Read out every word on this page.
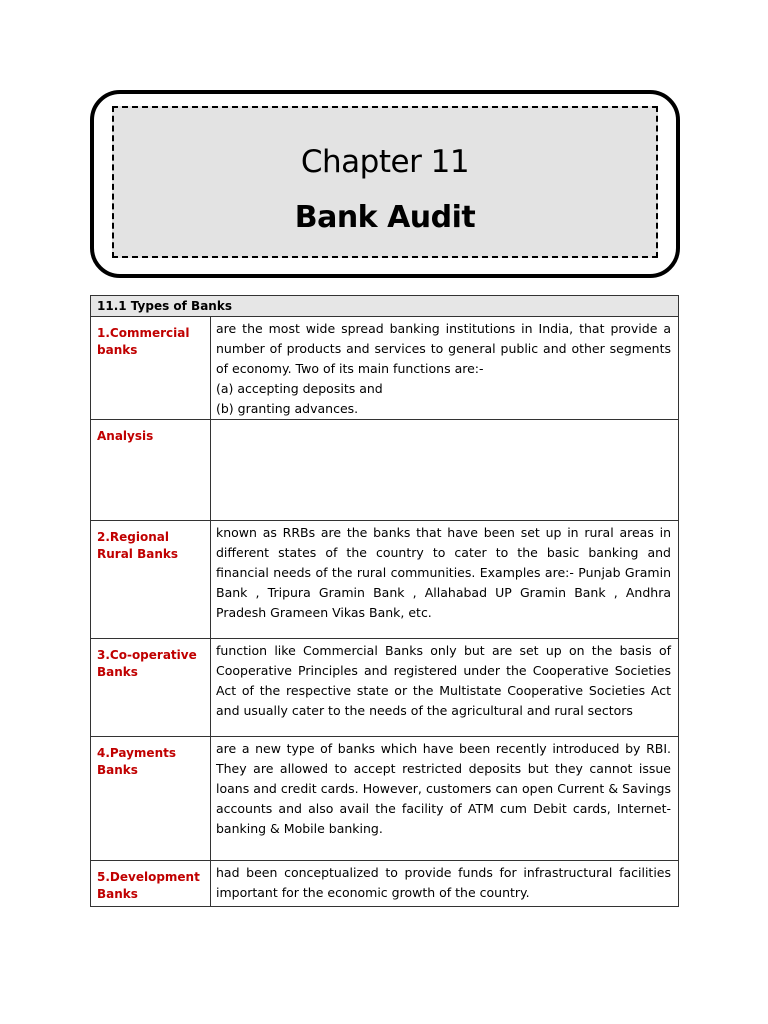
Chapter 11
Bank Audit
11.1 Types of Banks	
1.Commercial banks	are the most wide spread banking institutions in India, that provide a number of products and services to general public and other segments of economy. Two of its main functions are:-
(a) accepting deposits and
(b) granting advances.

Analysis	
2.Regional Rural Banks	known as RRBs are the banks that have been set up in rural areas in different states of the country to cater to the basic banking and financial needs of the rural communities. Examples are:- Punjab Gramin Bank , Tripura Gramin Bank , Allahabad UP Gramin Bank , Andhra Pradesh Grameen Vikas Bank, etc.
3.Co-operative Banks	function like Commercial Banks only but are set up on the basis of Cooperative Principles and registered under the Cooperative Societies Act of the respective state or the Multistate Cooperative Societies Act and usually cater to the needs of the agricultural and rural sectors
4.Payments Banks	are a new type of banks which have been recently introduced by RBI. They are allowed to accept restricted deposits but they cannot issue loans and credit cards. However, customers can open Current & Savings accounts and also avail the facility of ATM cum Debit cards, Internet-banking & Mobile banking.
5.Development Banks	had been conceptualized to provide funds for infrastructural facilities important for the economic growth of the country.
